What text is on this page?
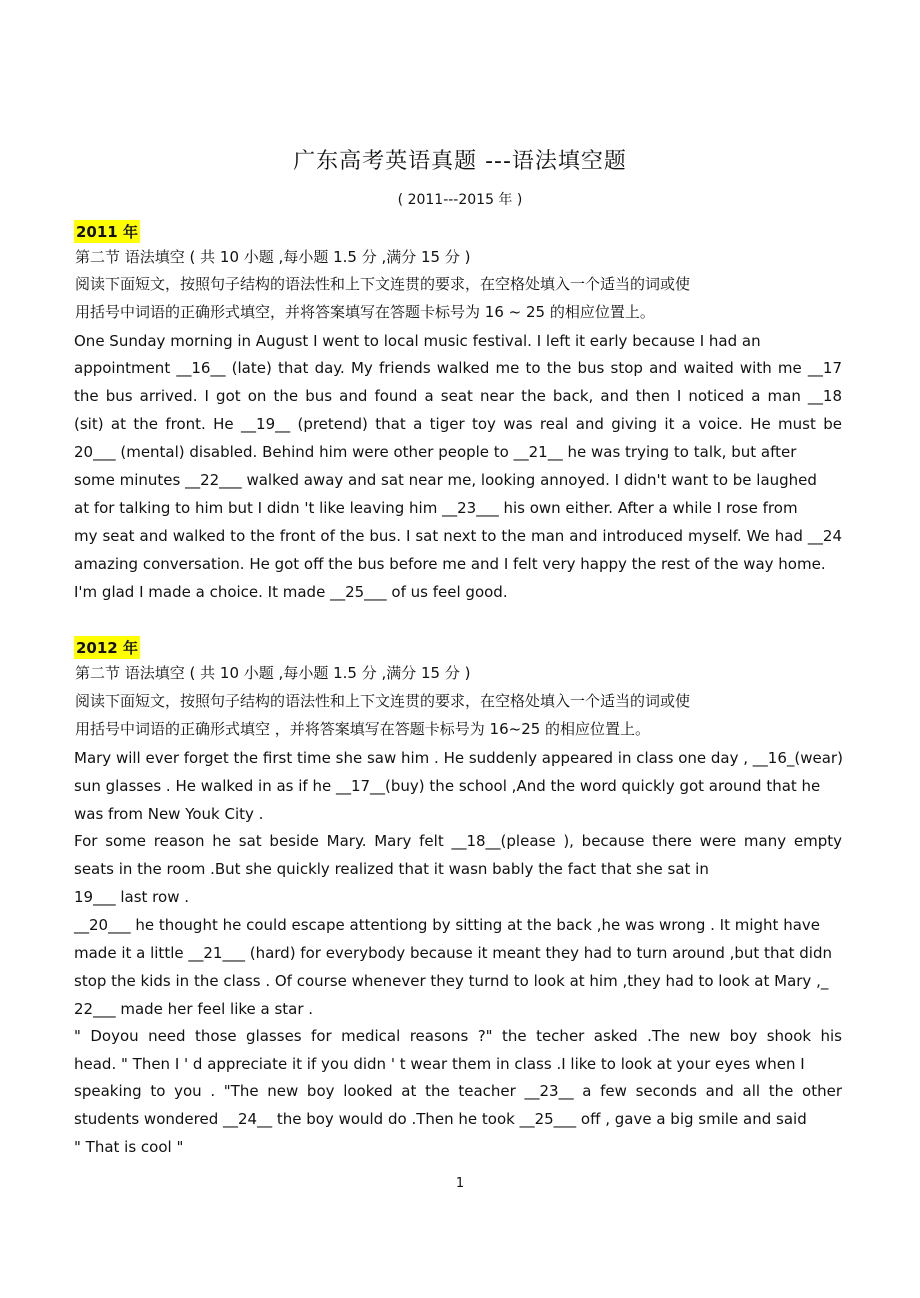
广东高考英语真题 ---语法填空题
( 2011---2015 年 )
2011 年
第二节 语法填空 ( 共 10 小题 ,每小题 1.5 分 ,满分 15 分 )
阅读下面短文，按照句子结构的语法性和上下文连贯的要求，在空格处填入一个适当的词或使
用括号中词语的正确形式填空，并将答案填写在答题卡标号为 16 ~ 25 的相应位置上。
One Sunday morning in August I went to local music festival. I left it early because I had an
appointment __16__ (late) that day. My friends walked me to the bus stop and waited with me __17
the bus arrived. I got on the bus and found a seat near the back, and then I noticed a man __18
(sit) at the front. He __19__ (pretend) that a tiger toy was real and giving it a voice. He must be
20___ (mental) disabled. Behind him were other people to __21__ he was trying to talk, but after
some minutes __22___ walked away and sat near me, looking annoyed. I didn't want to be laughed
at for talking to him but I didn 't like leaving him __23___ his own either. After a while I rose from
my seat and walked to the front of the bus. I sat next to the man and introduced myself. We had __24
amazing conversation. He got off the bus before me and I felt very happy the rest of the way home.
I'm glad I made a choice. It made __25___ of us feel good.
2012 年
第二节 语法填空 ( 共 10 小题 ,每小题 1.5 分 ,满分 15 分 )
阅读下面短文，按照句子结构的语法性和上下文连贯的要求，在空格处填入一个适当的词或使
用括号中词语的正确形式填空 ，并将答案填写在答题卡标号为 16~25 的相应位置上。
Mary will ever forget the first time she saw him . He suddenly appeared in class one day , __16_(wear)
sun glasses . He walked in as if he __17__(buy) the school ,And the word quickly got around that he
was from New Youk City .
For some reason he sat beside Mary. Mary felt __18__(please ), because there were many empty
seats in the room .But she quickly realized that it wasn bably the fact that she sat in
19___ last row .
__20___ he thought he could escape attentiong by sitting at the back ,he was wrong . It might have
made it a little __21___ (hard) for everybody because it meant they had to turn around ,but that didn
stop the kids in the class . Of course whenever they turnd to look at him ,they had to look at Mary ,_
22___ made her feel like a star .
" Doyou need those glasses for medical reasons ?" the techer asked .The new boy shook his
head. " Then I ' d appreciate it if you didn ' t wear them in class .I like to look at your eyes when I
speaking to you . "The new boy looked at the teacher __23__ a few seconds and all the other
students wondered __24__ the boy would do .Then he took __25___ off , gave a big smile and said
" That is cool "
1
